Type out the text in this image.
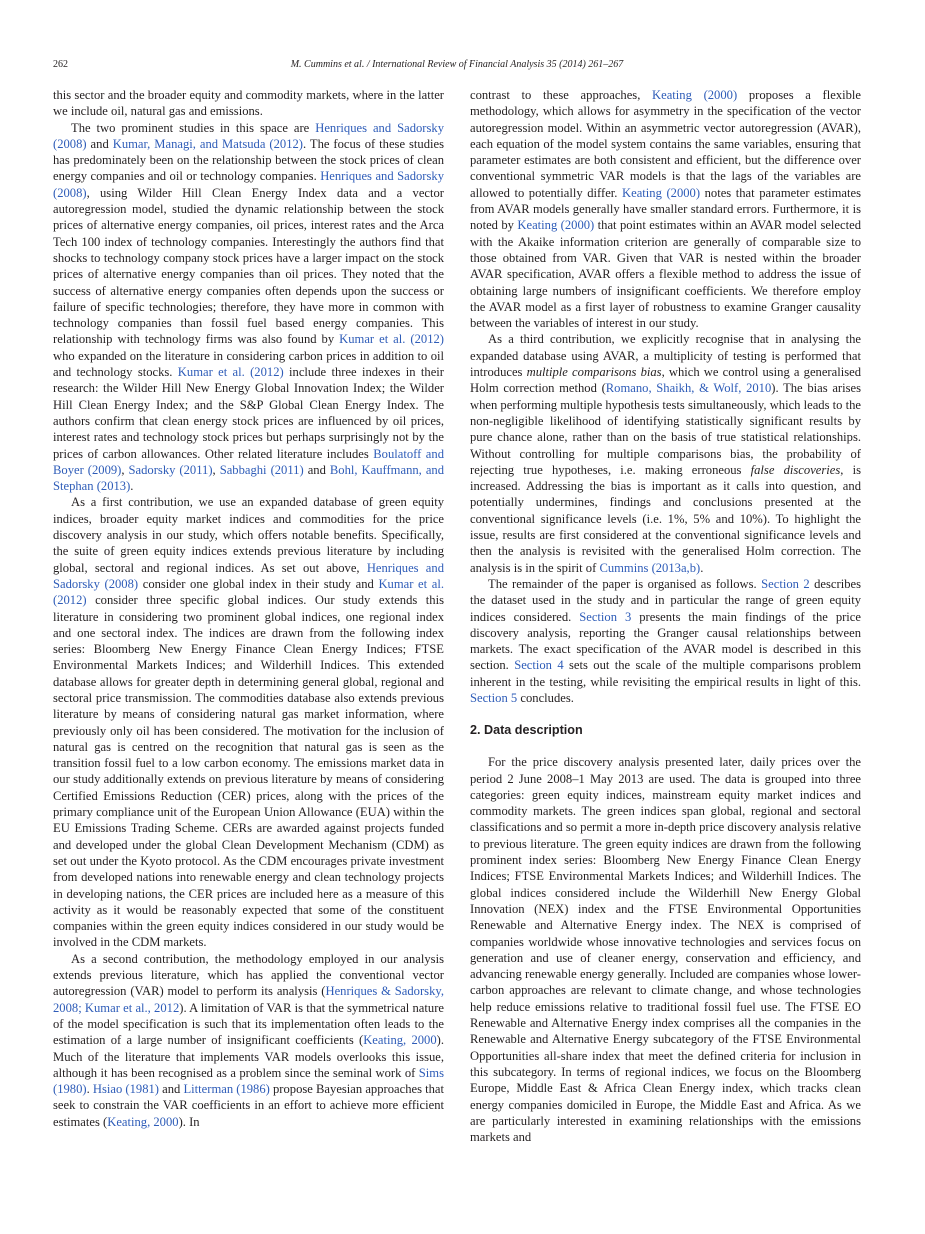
262	M. Cummins et al. / International Review of Financial Analysis 35 (2014) 261–267

this sector and the broader equity and commodity markets, where in the latter we include oil, natural gas and emissions.

The two prominent studies in this space are Henriques and Sadorsky (2008) and Kumar, Managi, and Matsuda (2012). The focus of these studies has predominately been on the relationship between the stock prices of clean energy companies and oil or technology companies. Henriques and Sadorsky (2008), using Wilder Hill Clean Energy Index data and a vector autoregression model, studied the dynamic relationship between the stock prices of alternative energy companies, oil prices, interest rates and the Arca Tech 100 index of technology companies. Interestingly the authors find that shocks to technology company stock prices have a larger impact on the stock prices of alternative energy companies than oil prices. They noted that the success of alternative energy companies often depends upon the success or failure of specific technologies; therefore, they have more in common with technology companies than fossil fuel based energy companies. This relationship with technology firms was also found by Kumar et al. (2012) who expanded on the literature in considering carbon prices in addition to oil and technology stocks. Kumar et al. (2012) include three indexes in their research: the Wilder Hill New Energy Global Innovation Index; the Wilder Hill Clean Energy Index; and the S&P Global Clean Energy Index. The authors confirm that clean energy stock prices are influenced by oil prices, interest rates and technology stock prices but perhaps surprisingly not by the prices of carbon allowances. Other related literature includes Boulatoff and Boyer (2009), Sadorsky (2011), Sabbaghi (2011) and Bohl, Kauffmann, and Stephan (2013).

As a first contribution, we use an expanded database of green equity indices, broader equity market indices and commodities for the price discovery analysis in our study, which offers notable benefits. Specifically, the suite of green equity indices extends previous literature by including global, sectoral and regional indices. As set out above, Henriques and Sadorsky (2008) consider one global index in their study and Kumar et al. (2012) consider three specific global indices. Our study extends this literature in considering two prominent global indices, one regional index and one sectoral index. The indices are drawn from the following index series: Bloomberg New Energy Finance Clean Energy Indices; FTSE Environmental Markets Indices; and Wilderhill Indices. This extended database allows for greater depth in determining general global, regional and sectoral price transmission. The commodities database also extends previous literature by means of considering natural gas market information, where previously only oil has been considered. The motivation for the inclusion of natural gas is centred on the recognition that natural gas is seen as the transition fossil fuel to a low carbon economy. The emissions market data in our study additionally extends on previous literature by means of considering Certified Emissions Reduction (CER) prices, along with the prices of the primary compliance unit of the European Union Allowance (EUA) within the EU Emissions Trading Scheme. CERs are awarded against projects funded and developed under the global Clean Development Mechanism (CDM) as set out under the Kyoto protocol. As the CDM encourages private investment from developed nations into renewable energy and clean technology projects in developing nations, the CER prices are included here as a measure of this activity as it would be reasonably expected that some of the constituent companies within the green equity indices considered in our study would be involved in the CDM markets.

As a second contribution, the methodology employed in our analysis extends previous literature, which has applied the conventional vector autoregression (VAR) model to perform its analysis (Henriques & Sadorsky, 2008; Kumar et al., 2012). A limitation of VAR is that the symmetrical nature of the model specification is such that its implementation often leads to the estimation of a large number of insignificant coefficients (Keating, 2000). Much of the literature that implements VAR models overlooks this issue, although it has been recognised as a problem since the seminal work of Sims (1980). Hsiao (1981) and Litterman (1986) propose Bayesian approaches that seek to constrain the VAR coefficients in an effort to achieve more efficient estimates (Keating, 2000). In

contrast to these approaches, Keating (2000) proposes a flexible methodology, which allows for asymmetry in the specification of the vector autoregression model. Within an asymmetric vector autoregression (AVAR), each equation of the model system contains the same variables, ensuring that parameter estimates are both consistent and efficient, but the difference over conventional symmetric VAR models is that the lags of the variables are allowed to potentially differ. Keating (2000) notes that parameter estimates from AVAR models generally have smaller standard errors. Furthermore, it is noted by Keating (2000) that point estimates within an AVAR model selected with the Akaike information criterion are generally of comparable size to those obtained from VAR. Given that VAR is nested within the broader AVAR specification, AVAR offers a flexible method to address the issue of obtaining large numbers of insignificant coefficients. We therefore employ the AVAR model as a first layer of robustness to examine Granger causality between the variables of interest in our study.

As a third contribution, we explicitly recognise that in analysing the expanded database using AVAR, a multiplicity of testing is performed that introduces multiple comparisons bias, which we control using a generalised Holm correction method (Romano, Shaikh, & Wolf, 2010). The bias arises when performing multiple hypothesis tests simultaneously, which leads to the non-negligible likelihood of identifying statistically significant results by pure chance alone, rather than on the basis of true statistical relationships. Without controlling for multiple comparisons bias, the probability of rejecting true hypotheses, i.e. making erroneous false discoveries, is increased. Addressing the bias is important as it calls into question, and potentially undermines, findings and conclusions presented at the conventional significance levels (i.e. 1%, 5% and 10%). To highlight the issue, results are first considered at the conventional significance levels and then the analysis is revisited with the generalised Holm correction. The analysis is in the spirit of Cummins (2013a,b).

The remainder of the paper is organised as follows. Section 2 describes the dataset used in the study and in particular the range of green equity indices considered. Section 3 presents the main findings of the price discovery analysis, reporting the Granger causal relationships between markets. The exact specification of the AVAR model is described in this section. Section 4 sets out the scale of the multiple comparisons problem inherent in the testing, while revisiting the empirical results in light of this. Section 5 concludes.

2. Data description

For the price discovery analysis presented later, daily prices over the period 2 June 2008–1 May 2013 are used. The data is grouped into three categories: green equity indices, mainstream equity market indices and commodity markets. The green indices span global, regional and sectoral classifications and so permit a more in-depth price discovery analysis relative to previous literature. The green equity indices are drawn from the following prominent index series: Bloomberg New Energy Finance Clean Energy Indices; FTSE Environmental Markets Indices; and Wilderhill Indices. The global indices considered include the Wilderhill New Energy Global Innovation (NEX) index and the FTSE Environmental Opportunities Renewable and Alternative Energy index. The NEX is comprised of companies worldwide whose innovative technologies and services focus on generation and use of cleaner energy, conservation and efficiency, and advancing renewable energy generally. Included are companies whose lower-carbon approaches are relevant to climate change, and whose technologies help reduce emissions relative to traditional fossil fuel use. The FTSE EO Renewable and Alternative Energy index comprises all the companies in the Renewable and Alternative Energy subcategory of the FTSE Environmental Opportunities all-share index that meet the defined criteria for inclusion in this subcategory. In terms of regional indices, we focus on the Bloomberg Europe, Middle East & Africa Clean Energy index, which tracks clean energy companies domiciled in Europe, the Middle East and Africa. As we are particularly interested in examining relationships with the emissions markets and
